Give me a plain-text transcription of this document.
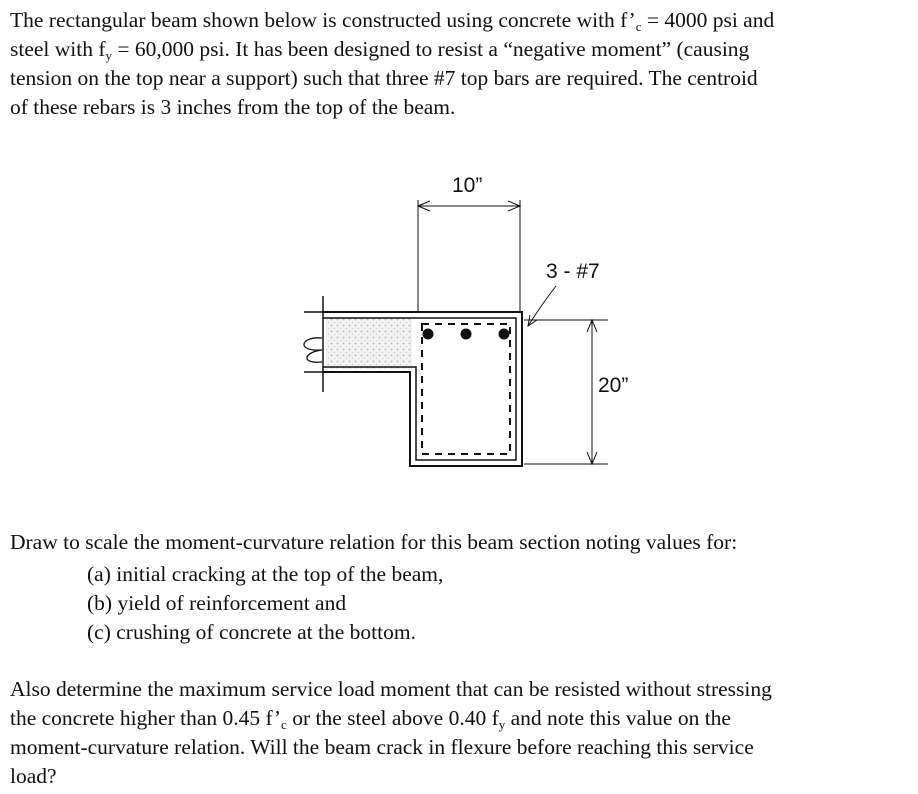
The rectangular beam shown below is constructed using concrete with $f’_c = 4000$ psi and
steel with $f_y = 60,000$ psi. It has been designed to resist a “negative moment” (causing
tension on the top near a support) such that three #7 top bars are required. The centroid
of these rebars is 3 inches from the top of the beam.
10”
20”
3 - #7
Draw to scale the moment-curvature relation for this beam section noting values for:
(a) initial cracking at the top of the beam,
(b) yield of reinforcement and
(c) crushing of concrete at the bottom.
Also determine the maximum service load moment that can be resisted without stressing
the concrete higher than 0.45 $f’_c$ or the steel above 0.40 $f_y$ and note this value on the
moment-curvature relation. Will the beam crack in flexure before reaching this service
load?
